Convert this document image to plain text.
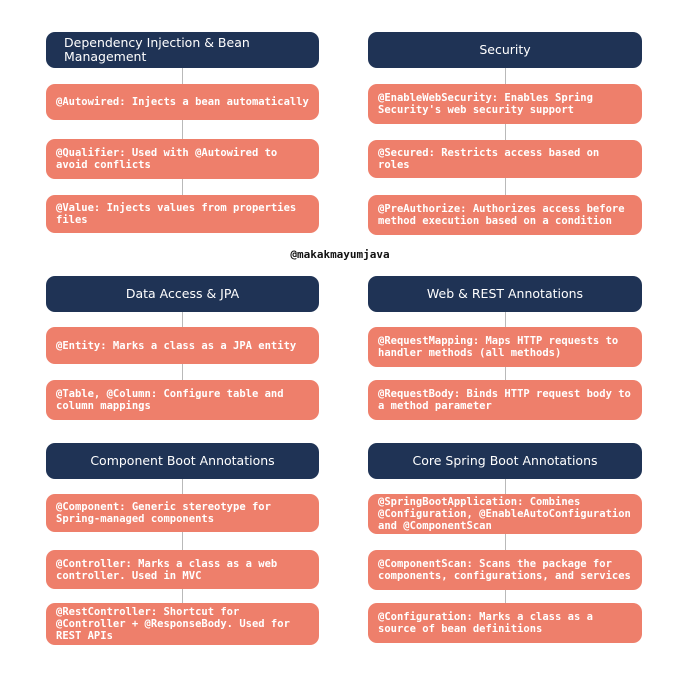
Dependency Injection & Bean Management
@Autowired: Injects a bean automatically
@Qualifier: Used with @Autowired to avoid conflicts
@Value: Injects values from properties files
Security
@EnableWebSecurity: Enables Spring Security's web security support
@Secured: Restricts access based on roles
@PreAuthorize: Authorizes access before method execution based on a condition
@makakmayumjava
Data Access & JPA
@Entity: Marks a class as a JPA entity
@Table, @Column: Configure table and column mappings
Web & REST Annotations
@RequestMapping: Maps HTTP requests to handler methods (all methods)
@RequestBody: Binds HTTP request body to a method parameter
Component Boot Annotations
@Component: Generic stereotype for Spring-managed components
@Controller: Marks a class as a web controller. Used in MVC
@RestController: Shortcut for @Controller + @ResponseBody. Used for REST APIs
Core Spring Boot Annotations
@SpringBootApplication: Combines @Configuration, @EnableAutoConfiguration and @ComponentScan
@ComponentScan: Scans the package for components, configurations, and services
@Configuration: Marks a class as a source of bean definitions
